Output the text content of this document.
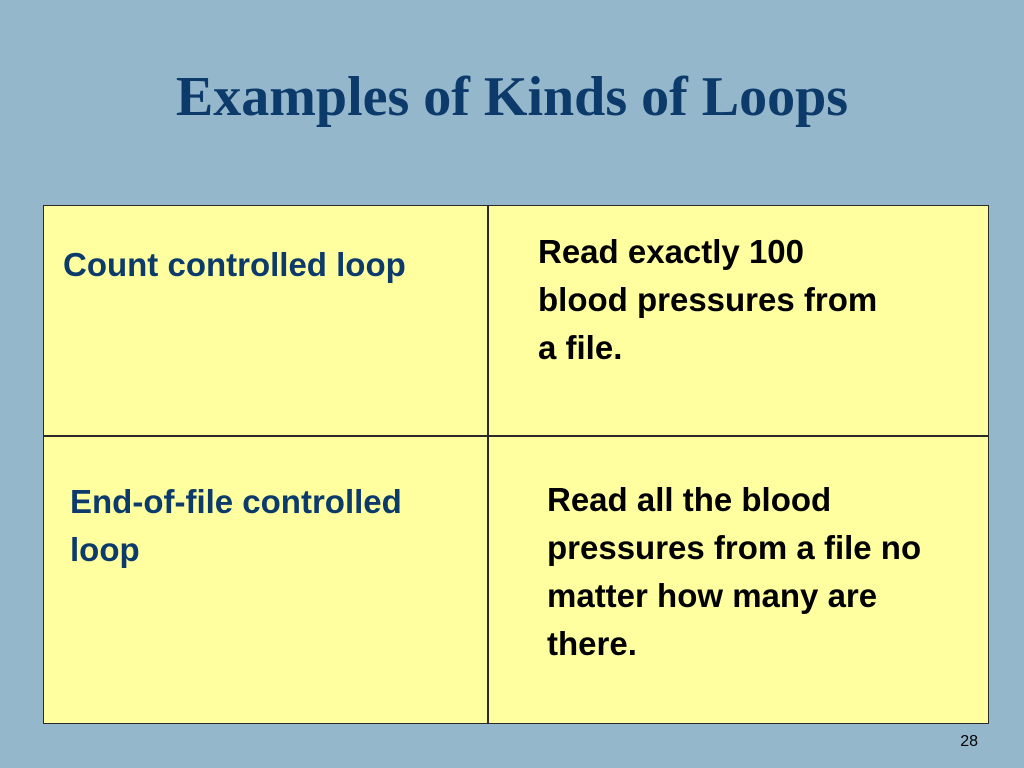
Examples of Kinds of Loops
Count controlled loop	Read exactly 100 blood pressures from a file.
End-of-file controlled loop
Read all the blood pressures from a file no matter how many are there.
28
